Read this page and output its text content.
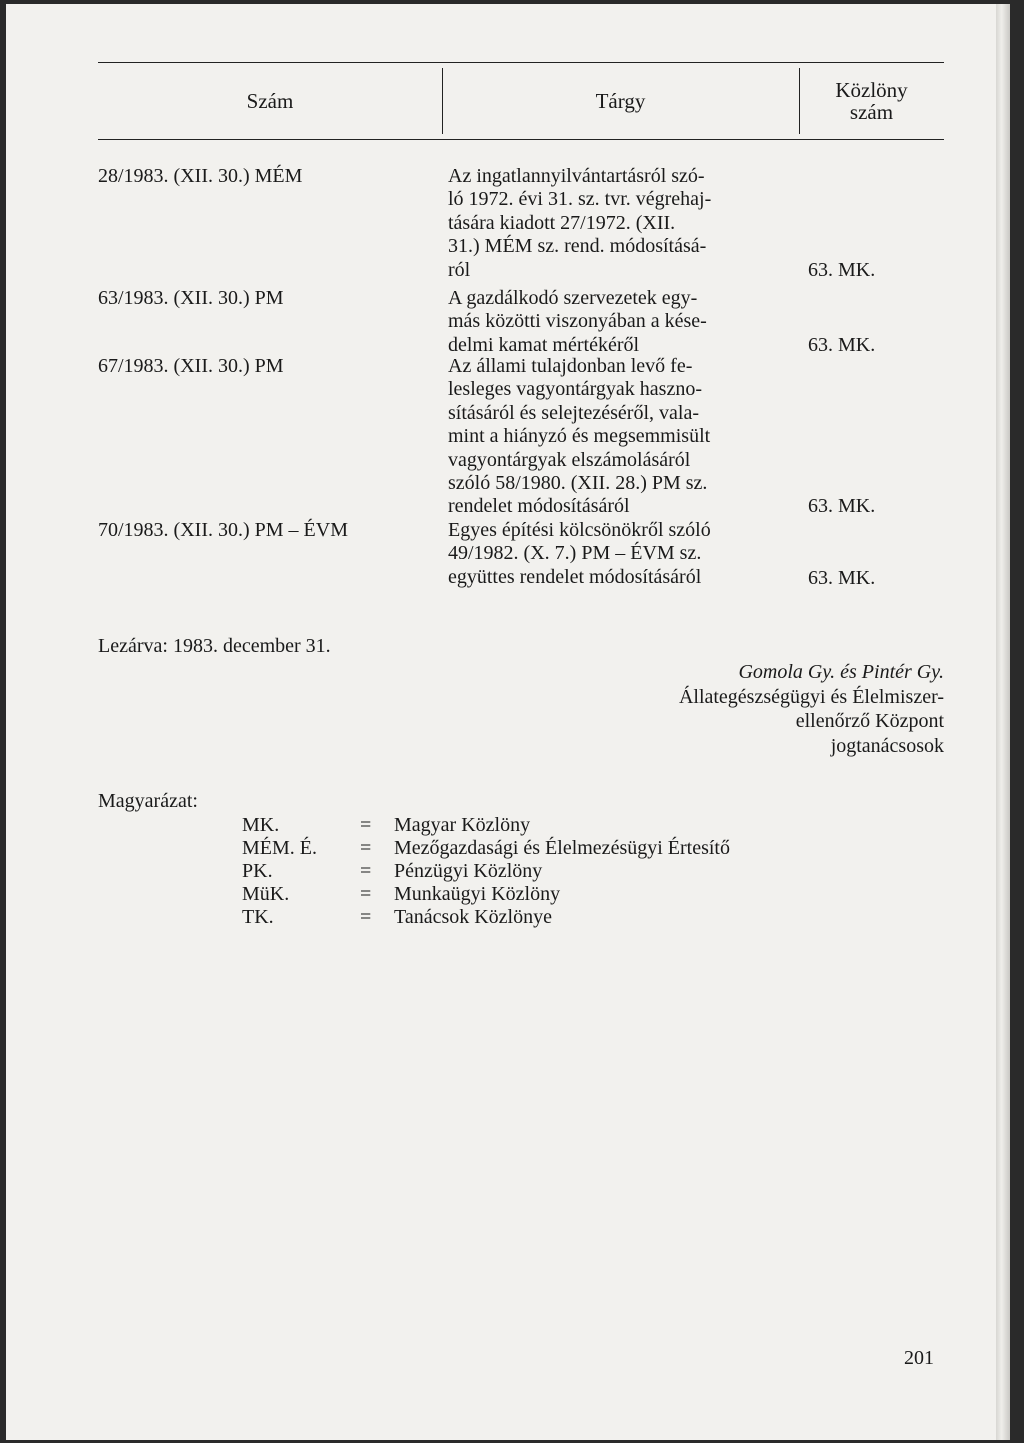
Szám	Tárgy	Közlöny
szám
28/1983. (XII. 30.) MÉM	Az ingatlannyilvántartásról szó-
ló 1972. évi 31. sz. tvr. végrehaj-
tására kiadott 27/1972. (XII.
31.) MÉM sz. rend. módosításá-
ról	63. MK.
63/1983. (XII. 30.) PM	A gazdálkodó szervezetek egy-
más közötti viszonyában a kése-
delmi kamat mértékéről	63. MK.
67/1983. (XII. 30.) PM	Az állami tulajdonban levő fe-
lesleges vagyontárgyak haszno-
sításáról és selejtezéséről, vala-
mint a hiányzó és megsemmisült
vagyontárgyak elszámolásáról
szóló 58/1980. (XII. 28.) PM sz.
rendelet módosításáról	63. MK.
70/1983. (XII. 30.) PM – ÉVM	Egyes építési kölcsönökről szóló
49/1982. (X. 7.) PM – ÉVM sz.
együttes rendelet módosításáról	63. MK.
Lezárva: 1983. december 31.
Gomola Gy. és Pintér Gy.
Állategészségügyi és Élelmiszer-
ellenőrző Központ
jogtanácsosok
Magyarázat:
MK.	= Magyar Közlöny
MÉM. É. = Mezőgazdasági és Élelmezésügyi Értesítő
PK.	= Pénzügyi Közlöny
MüK.	= Munkaügyi Közlöny
TK.	= Tanácsok Közlönye
201
